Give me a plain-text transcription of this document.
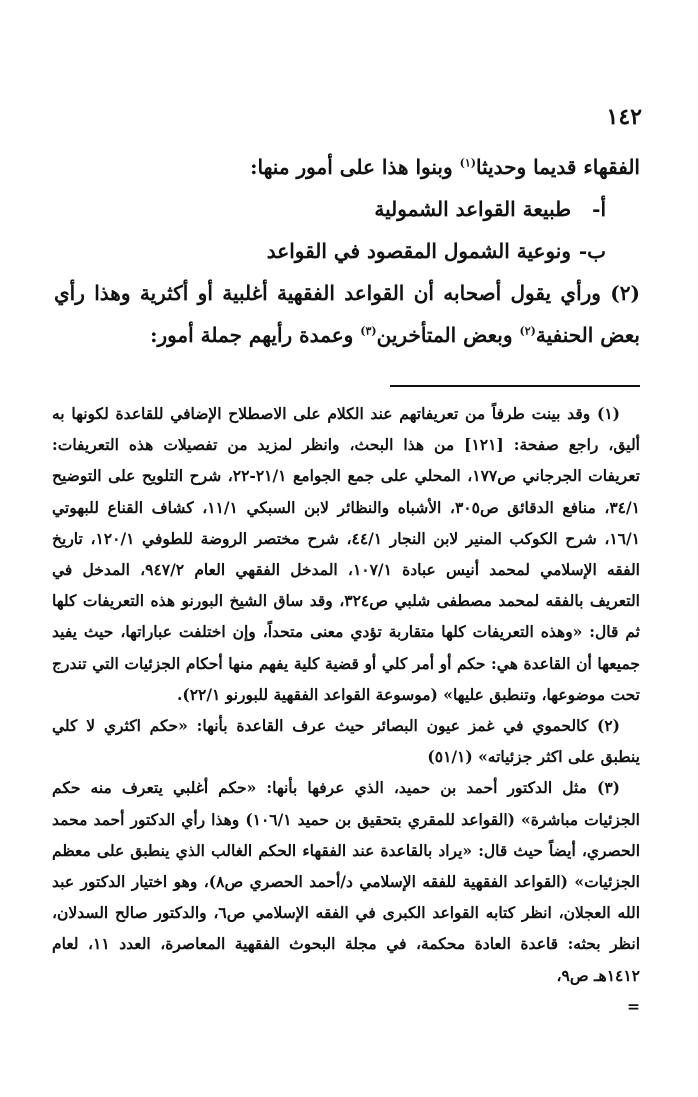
١٤٢

الفقهاء قديما وحديثا$^{(١)}$ وبنوا هذا على أمور منها:

أ- طبيعة القواعد الشمولية

ب- ونوعية الشمول المقصود في القواعد

(٢) ورأي يقول أصحابه أن القواعد الفقهية أغلبية أو أكثرية وهذا رأي بعض الحنفية$^{(٢)}$ وبعض المتأخرين$^{(٣)}$ وعمدة رأيهم جملة أمور:

(١) وقد بينت طرفاً من تعريفاتهم عند الكلام على الاصطلاح الإضافي للقاعدة لكونها به أليق، راجع صفحة: [١٢١] من هذا البحث، وانظر لمزيد من تفصيلات هذه التعريفات: تعريفات الجرجاني ص١٧٧، المحلي على جمع الجوامع ٢١/١-٢٢، شرح التلويح على التوضيح ٣٤/١، منافع الدقائق ص٣٠٥، الأشباه والنظائر لابن السبكي ١١/١، كشاف القناع للبهوتي ١٦/١، شرح الكوكب المنير لابن النجار ٤٤/١، شرح مختصر الروضة للطوفي ١٢٠/١، تاريخ الفقه الإسلامي لمحمد أنيس عبادة ١٠٧/١، المدخل الفقهي العام ٩٤٧/٢، المدخل في التعريف بالفقه لمحمد مصطفى شلبي ص٣٢٤، وقد ساق الشيخ البورنو هذه التعريفات كلها ثم قال: «وهذه التعريفات كلها متقاربة تؤدي معنى متحداً، وإن اختلفت عباراتها، حيث يفيد جميعها أن القاعدة هي: حكم أو أمر كلي أو قضية كلية يفهم منها أحكام الجزئيات التي تندرج تحت موضوعها، وتنطبق عليها» (موسوعة القواعد الفقهية للبورنو ٢٢/١).

(٢) كالحموي في غمز عيون البصائر حيث عرف القاعدة بأنها: «حكم اكثري لا كلي ينطبق على اكثر جزئياته» (٥١/١)

(٣) مثل الدكتور أحمد بن حميد، الذي عرفها بأنها: «حكم أغلبي يتعرف منه حكم الجزئيات مباشرة» (القواعد للمقري بتحقيق بن حميد ١٠٦/١) وهذا رأي الدكتور أحمد محمد الحصري، أيضاً حيث قال: «يراد بالقاعدة عند الفقهاء الحكم الغالب الذي ينطبق على معظم الجزئيات» (القواعد الفقهية للفقه الإسلامي د/أحمد الحصري ص٨)، وهو اختيار الدكتور عبد الله العجلان، انظر كتابه القواعد الكبرى في الفقه الإسلامي ص٦، والدكتور صالح السدلان، انظر بحثه: قاعدة العادة محكمة، في مجلة البحوث الفقهية المعاصرة، العدد ١١، لعام ١٤١٢هـ ص٩،

=
